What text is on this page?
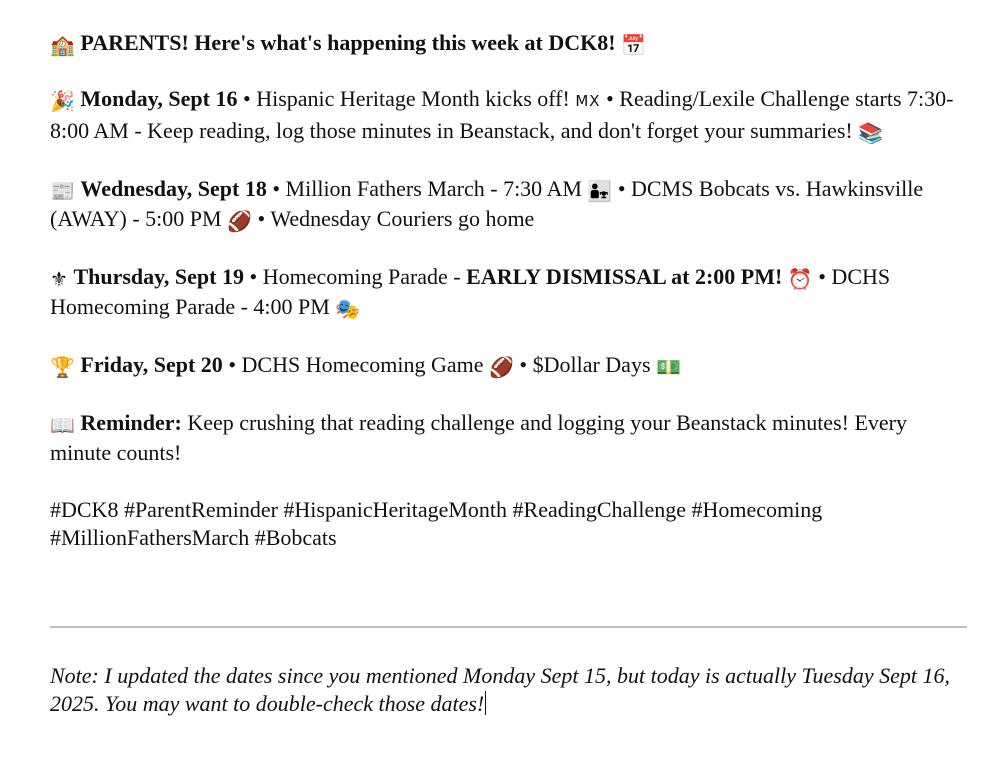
🏫 PARENTS! Here's what's happening this week at DCK8! 📅

🎉 Monday, Sept 16 • Hispanic Heritage Month kicks off! MX • Reading/Lexile Challenge starts 7:30-8:00 AM - Keep reading, log those minutes in Beanstack, and don't forget your summaries! 📚

📰 Wednesday, Sept 18 • Million Fathers March - 7:30 AM 👨‍👧 • DCMS Bobcats vs. Hawkinsville (AWAY) - 5:00 PM 🏈 • Wednesday Couriers go home

⚜ Thursday, Sept 19 • Homecoming Parade - EARLY DISMISSAL at 2:00 PM! ⏰ • DCHS Homecoming Parade - 4:00 PM 🎭

🏆 Friday, Sept 20 • DCHS Homecoming Game 🏈 • $Dollar Days 💵

📖 Reminder: Keep crushing that reading challenge and logging your Beanstack minutes! Every minute counts!

#DCK8 #ParentReminder #HispanicHeritageMonth #ReadingChallenge #Homecoming #MillionFathersMarch #Bobcats

Note: I updated the dates since you mentioned Monday Sept 15, but today is actually Tuesday Sept 16, 2025. You may want to double-check those dates!
